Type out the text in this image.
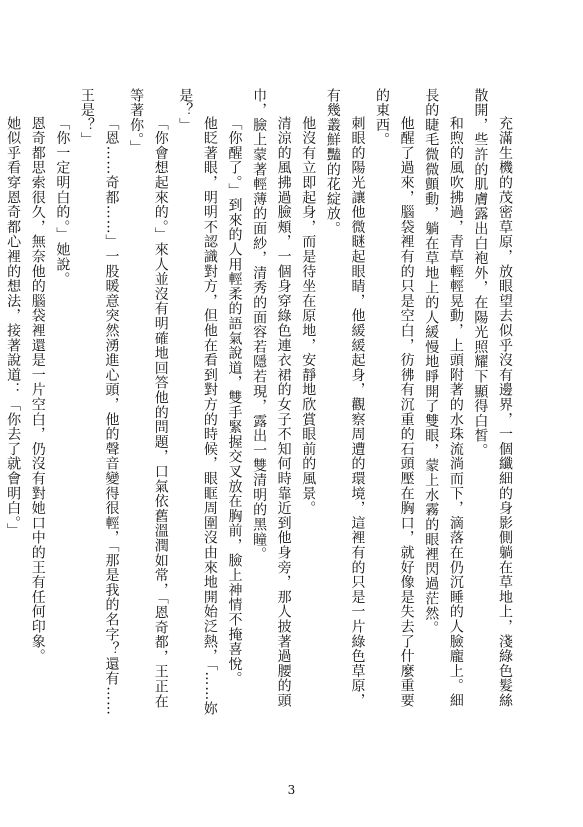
充滿生機的茂密草原，放眼望去似乎沒有邊界，一個纖細的身影側躺在草地上，淺綠色髮絲散開，些許的肌膚露出白袍外，在陽光照耀下顯得白皙。

和煦的風吹拂過，青草輕輕晃動，上頭附著的水珠流淌而下，滴落在仍沉睡的人臉龐上。細長的睫毛微微顫動，躺在草地上的人緩慢地睜開了雙眼，蒙上水霧的眼裡閃過茫然。

他醒了過來，腦袋裡有的只是空白，彷彿有沉重的石頭壓在胸口，就好像是失去了什麼重要的東西。

刺眼的陽光讓他微瞇起眼睛，他緩緩起身，觀察周遭的環境，這裡有的只是一片綠色草原，有幾叢鮮豔的花綻放。

他沒有立即起身，而是待坐在原地，安靜地欣賞眼前的風景。

清涼的風拂過臉頰，一個身穿綠色連衣裙的女子不知何時靠近到他身旁，那人披著過腰的頭巾，臉上蒙著輕薄的面紗，清秀的面容若隱若現，露出一雙清明的黑瞳。

「你醒了。」到來的人用輕柔的語氣說道，雙手緊握交叉放在胸前，臉上神情不掩喜悅。

他眨著眼，明明不認識對方，但他在看到對方的時候，眼眶周圍沒由來地開始泛熱，「……妳是？」

「你會想起來的。」來人並沒有明確地回答他的問題，口氣依舊溫潤如常，「恩奇都，王正在等著你。」

「恩……奇都……」一股暖意突然湧進心頭，他的聲音變得很輕，「那是我的名字？還有……王是？」

「你一定明白的。」她說。

恩奇都思索很久，無奈他的腦袋裡還是一片空白，仍沒有對她口中的王有任何印象。

她似乎看穿恩奇都心裡的想法，接著說道：「你去了就會明白。」

3
